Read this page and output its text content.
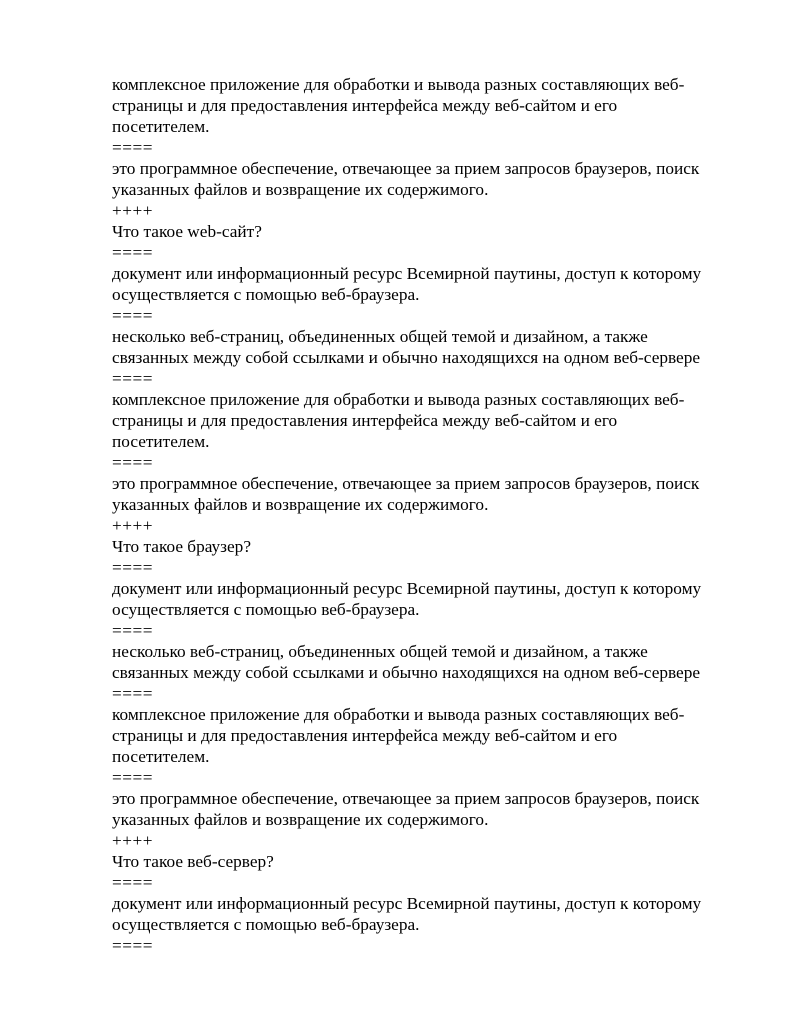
комплексное приложение для обработки и вывода разных составляющих веб-
страницы и для предоставления интерфейса между веб-сайтом и его
посетителем.
====
это программное обеспечение, отвечающее за прием запросов браузеров, поиск
указанных файлов и возвращение их содержимого.
++++
Что такое web-сайт?
====
документ или информационный ресурс Всемирной паутины, доступ к которому
осуществляется с помощью веб-браузера.
====
несколько веб-страниц, объединенных общей темой и дизайном, а также
связанных между собой ссылками и обычно находящихся на одном веб-сервере
====
комплексное приложение для обработки и вывода разных составляющих веб-
страницы и для предоставления интерфейса между веб-сайтом и его
посетителем.
====
это программное обеспечение, отвечающее за прием запросов браузеров, поиск
указанных файлов и возвращение их содержимого.
++++
Что такое браузер?
====
документ или информационный ресурс Всемирной паутины, доступ к которому
осуществляется с помощью веб-браузера.
====
несколько веб-страниц, объединенных общей темой и дизайном, а также
связанных между собой ссылками и обычно находящихся на одном веб-сервере
====
комплексное приложение для обработки и вывода разных составляющих веб-
страницы и для предоставления интерфейса между веб-сайтом и его
посетителем.
====
это программное обеспечение, отвечающее за прием запросов браузеров, поиск
указанных файлов и возвращение их содержимого.
++++
Что такое веб-сервер?
====
документ или информационный ресурс Всемирной паутины, доступ к которому
осуществляется с помощью веб-браузера.
====
